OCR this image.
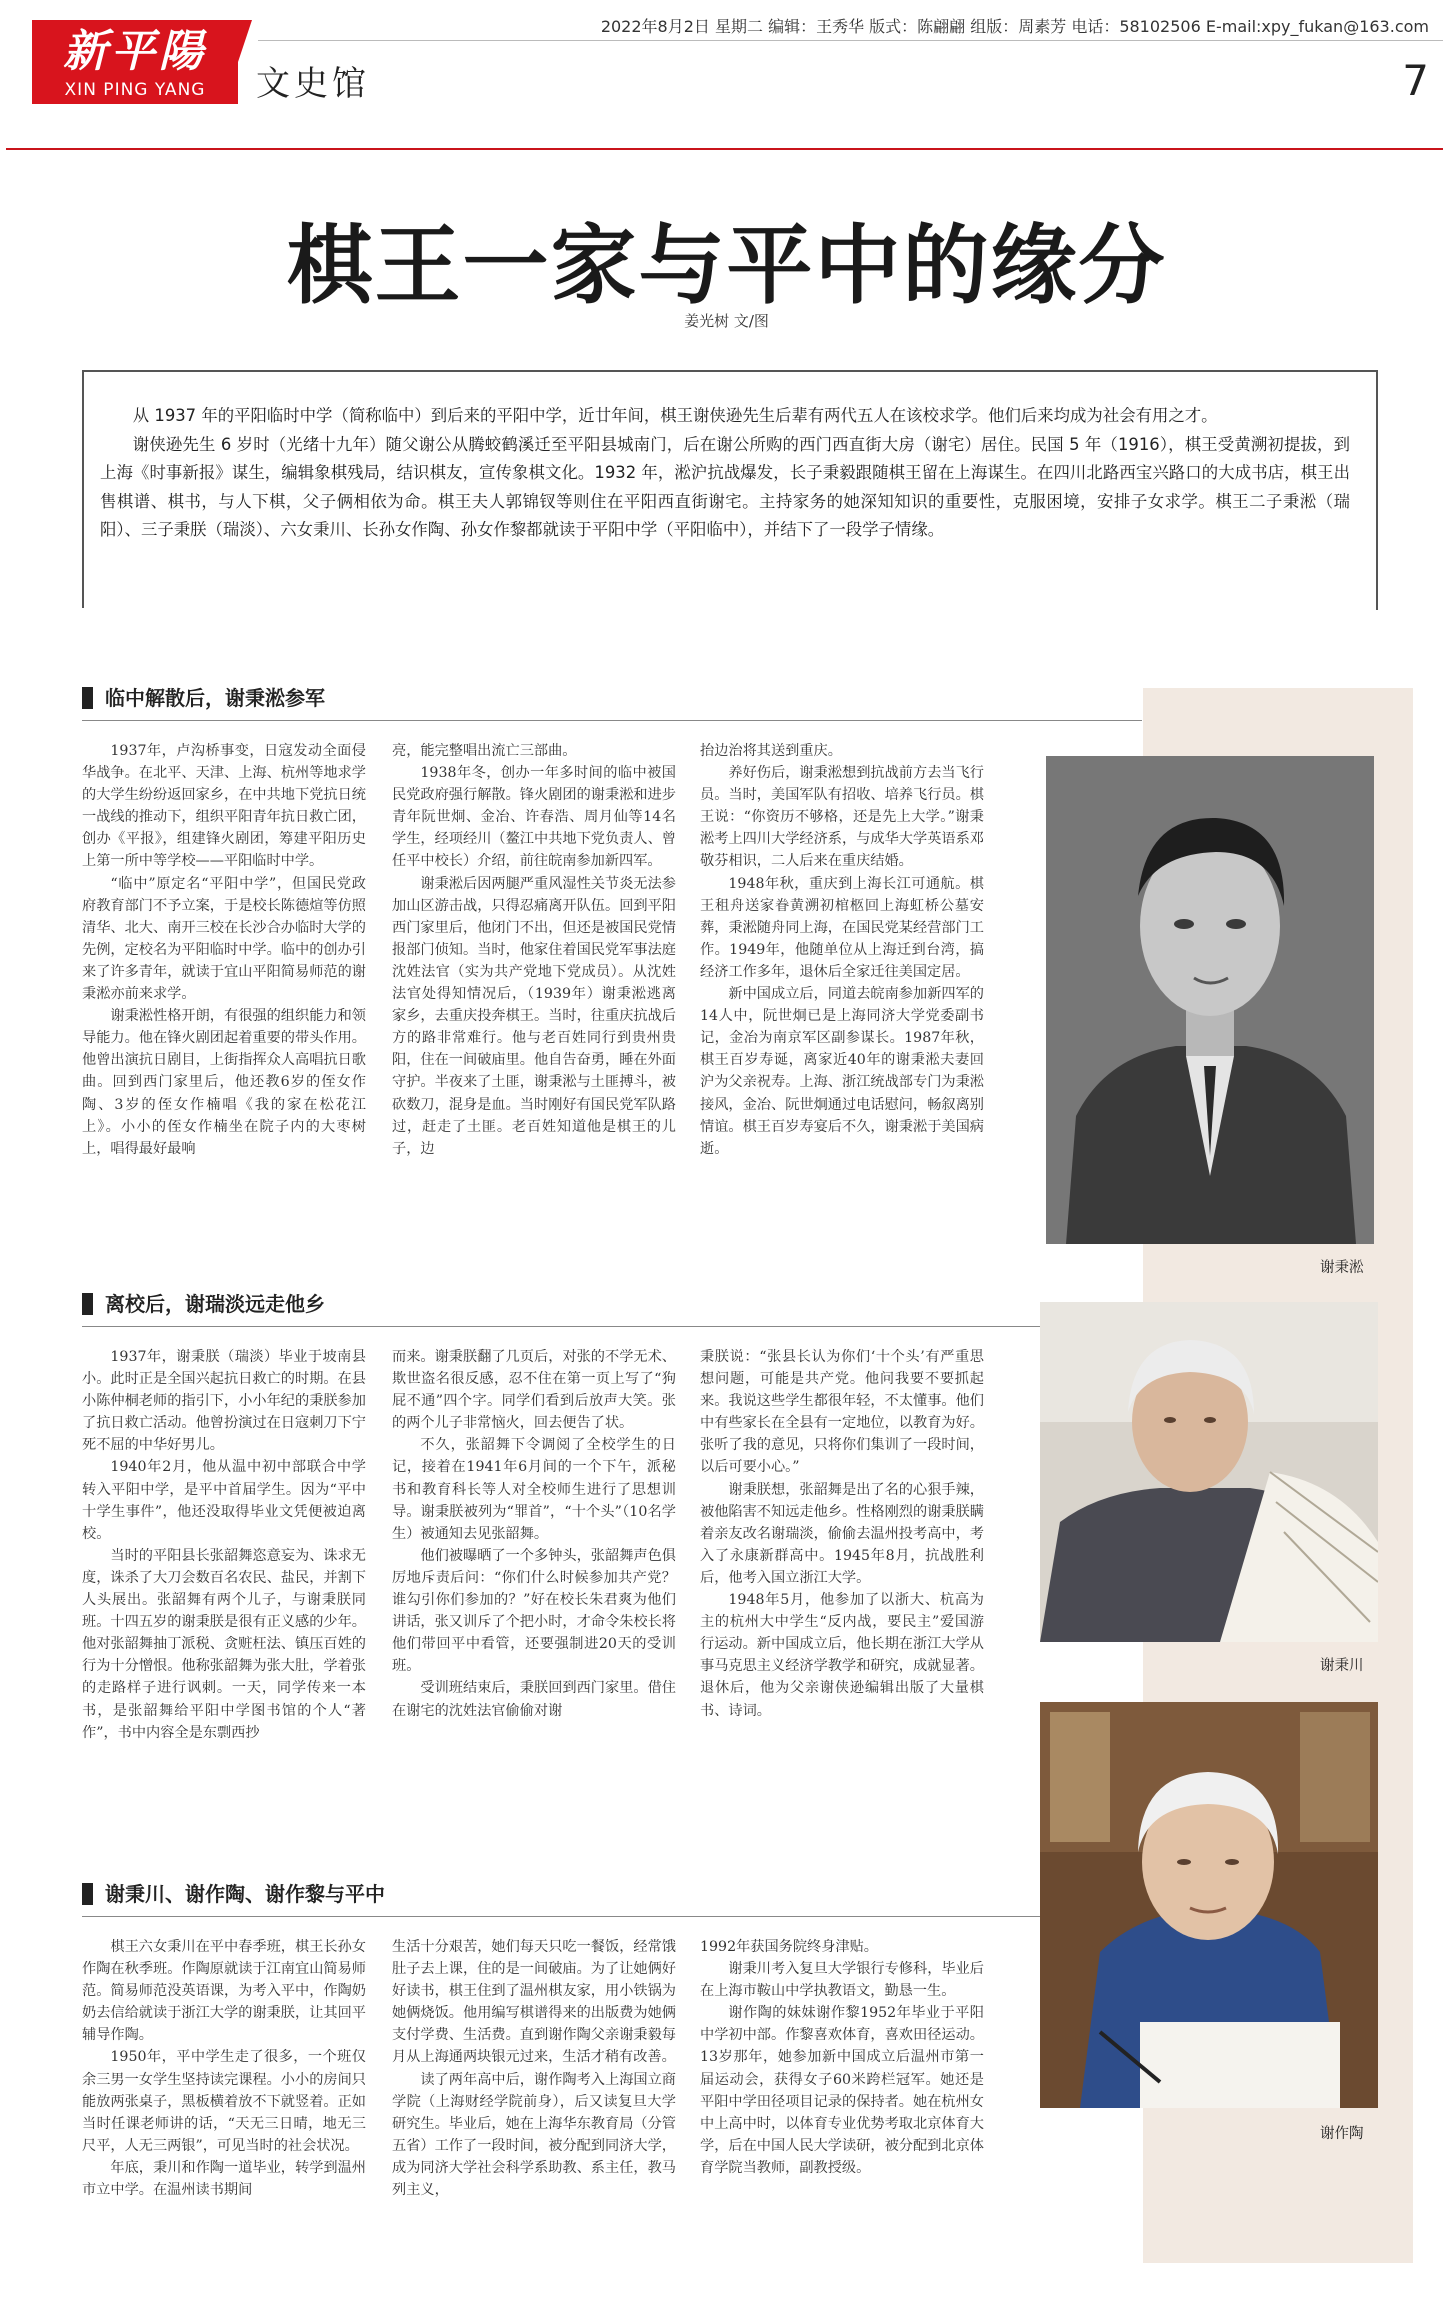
新平陽
XIN PING YANG
2022年8月2日 星期二 编辑：王秀华 版式：陈翩翩 组版：周素芳 电话：58102506 E-mail:xpy_fukan@163.com
文史馆	7
棋王一家与平中的缘分
姜光树 文/图

从 1937 年的平阳临时中学（简称临中）到后来的平阳中学，近廿年间，棋王谢侠逊先生后辈有两代五人在该校求学。他们后来均成为社会有用之才。

谢侠逊先生 6 岁时（光绪十九年）随父谢公从腾蛟鹤溪迁至平阳县城南门，后在谢公所购的西门西直街大房（谢宅）居住。民国 5 年（1916），棋王受黄溯初提拔，到上海《时事新报》谋生，编辑象棋残局，结识棋友，宣传象棋文化。1932 年，淞沪抗战爆发，长子秉毅跟随棋王留在上海谋生。在四川北路西宝兴路口的大成书店，棋王出售棋谱、棋书，与人下棋，父子俩相依为命。棋王夫人郭锦钗等则住在平阳西直街谢宅。主持家务的她深知知识的重要性，克服困境，安排子女求学。棋王二子秉淞（瑞阳）、三子秉朕（瑞淡）、六女秉川、长孙女作陶、孙女作黎都就读于平阳中学（平阳临中），并结下了一段学子情缘。

临中解散后，谢秉淞参军

1937年，卢沟桥事变，日寇发动全面侵华战争。在北平、天津、上海、杭州等地求学的大学生纷纷返回家乡，在中共地下党抗日统一战线的推动下，组织平阳青年抗日救亡团，创办《平报》，组建锋火剧团，筹建平阳历史上第一所中等学校——平阳临时中学。

“临中”原定名“平阳中学”，但国民党政府教育部门不予立案，于是校长陈德煊等仿照清华、北大、南开三校在长沙合办临时大学的先例，定校名为平阳临时中学。临中的创办引来了许多青年，就读于宜山平阳简易师范的谢秉淞亦前来求学。

谢秉淞性格开朗，有很强的组织能力和领导能力。他在锋火剧团起着重要的带头作用。他曾出演抗日剧目，上街指挥众人高唱抗日歌曲。回到西门家里后，他还教6岁的侄女作陶、3岁的侄女作楠唱《我的家在松花江上》。小小的侄女作楠坐在院子内的大枣树上，唱得最好最响

亮，能完整唱出流亡三部曲。

1938年冬，创办一年多时间的临中被国民党政府强行解散。锋火剧团的谢秉淞和进步青年阮世炯、金冶、许春浩、周月仙等14名学生，经项经川（鳌江中共地下党负责人、曾任平中校长）介绍，前往皖南参加新四军。

谢秉淞后因两腿严重风湿性关节炎无法参加山区游击战，只得忍痛离开队伍。回到平阳西门家里后，他闭门不出，但还是被国民党情报部门侦知。当时，他家住着国民党军事法庭沈姓法官（实为共产党地下党成员）。从沈姓法官处得知情况后，（1939年）谢秉淞逃离家乡，去重庆投奔棋王。当时，往重庆抗战后方的路非常难行。他与老百姓同行到贵州贵阳，住在一间破庙里。他自告奋勇，睡在外面守护。半夜来了土匪，谢秉淞与土匪搏斗，被砍数刀，混身是血。当时刚好有国民党军队路过，赶走了土匪。老百姓知道他是棋王的儿子，边

抬边治将其送到重庆。

养好伤后，谢秉淞想到抗战前方去当飞行员。当时，美国军队有招收、培养飞行员。棋王说：“你资历不够格，还是先上大学。”谢秉淞考上四川大学经济系，与成华大学英语系邓敬芬相识，二人后来在重庆结婚。

1948年秋，重庆到上海长江可通航。棋王租舟送家眷黄溯初棺柩回上海虹桥公墓安葬，秉淞随舟同上海，在国民党某经营部门工作。1949年，他随单位从上海迁到台湾，搞经济工作多年，退休后全家迁往美国定居。

新中国成立后，同道去皖南参加新四军的14人中，阮世炯已是上海同济大学党委副书记，金冶为南京军区副参谋长。1987年秋，棋王百岁寿诞，离家近40年的谢秉淞夫妻回沪为父亲祝寿。上海、浙江统战部专门为秉淞接风，金冶、阮世炯通过电话慰问，畅叙离别情谊。棋王百岁寿宴后不久，谢秉淞于美国病逝。

谢秉淞
离校后，谢瑞淡远走他乡

1937年，谢秉朕（瑞淡）毕业于坡南县小。此时正是全国兴起抗日救亡的时期。在县小陈仲桐老师的指引下，小小年纪的秉朕参加了抗日救亡活动。他曾扮演过在日寇刺刀下宁死不屈的中华好男儿。

1940年2月，他从温中初中部联合中学转入平阳中学，是平中首届学生。因为“平中十学生事件”，他还没取得毕业文凭便被迫离校。

当时的平阳县长张韶舞恣意妄为、诛求无度，诛杀了大刀会数百名农民、盐民，并割下人头展出。张韶舞有两个儿子，与谢秉朕同班。十四五岁的谢秉朕是很有正义感的少年。他对张韶舞抽丁派税、贪赃枉法、镇压百姓的行为十分憎恨。他称张韶舞为张大肚，学着张的走路样子进行讽刺。一天，同学传来一本书，是张韶舞给平阳中学图书馆的个人“著作”，书中内容全是东剽西抄

而来。谢秉朕翻了几页后，对张的不学无术、欺世盗名很反感，忍不住在第一页上写了“狗屁不通”四个字。同学们看到后放声大笑。张的两个儿子非常恼火，回去便告了状。

不久，张韶舞下令调阅了全校学生的日记，接着在1941年6月间的一个下午，派秘书和教育科长等人对全校师生进行了思想训导。谢秉朕被列为“罪首”，“十个头”（10名学生）被通知去见张韶舞。

他们被曝晒了一个多钟头，张韶舞声色俱厉地斥责后问：“你们什么时候参加共产党？谁勾引你们参加的？”好在校长朱君爽为他们讲话，张又训斥了个把小时，才命令朱校长将他们带回平中看管，还要强制进20天的受训班。

受训班结束后，秉朕回到西门家里。借住在谢宅的沈姓法官偷偷对谢

秉朕说：“张县长认为你们‘十个头’有严重思想问题，可能是共产党。他问我要不要抓起来。我说这些学生都很年轻，不太懂事。他们中有些家长在全县有一定地位，以教育为好。张听了我的意见，只将你们集训了一段时间，以后可要小心。”

谢秉朕想，张韶舞是出了名的心狠手辣，被他陷害不知远走他乡。性格刚烈的谢秉朕瞒着亲友改名谢瑞淡，偷偷去温州投考高中，考入了永康新群高中。1945年8月，抗战胜利后，他考入国立浙江大学。

1948年5月，他参加了以浙大、杭高为主的杭州大中学生“反内战，要民主”爱国游行运动。新中国成立后，他长期在浙江大学从事马克思主义经济学教学和研究，成就显著。退休后，他为父亲谢侠逊编辑出版了大量棋书、诗词。

谢秉川
谢秉川、谢作陶、谢作黎与平中

棋王六女秉川在平中春季班，棋王长孙女作陶在秋季班。作陶原就读于江南宜山简易师范。简易师范没英语课，为考入平中，作陶奶奶去信给就读于浙江大学的谢秉朕，让其回平辅导作陶。

1950年，平中学生走了很多，一个班仅余三男一女学生坚持读完课程。小小的房间只能放两张桌子，黑板横着放不下就竖着。正如当时任课老师讲的话，“天无三日晴，地无三尺平，人无三两银”，可见当时的社会状况。

年底，秉川和作陶一道毕业，转学到温州市立中学。在温州读书期间

生活十分艰苦，她们每天只吃一餐饭，经常饿肚子去上课，住的是一间破庙。为了让她俩好好读书，棋王住到了温州棋友家，用小铁锅为她俩烧饭。他用编写棋谱得来的出版费为她俩支付学费、生活费。直到谢作陶父亲谢秉毅每月从上海通两块银元过来，生活才稍有改善。

读了两年高中后，谢作陶考入上海国立商学院（上海财经学院前身），后又读复旦大学研究生。毕业后，她在上海华东教育局（分管五省）工作了一段时间，被分配到同济大学，成为同济大学社会科学系助教、系主任，教马列主义，

1992年获国务院终身津贴。

谢秉川考入复旦大学银行专修科，毕业后在上海市鞍山中学执教语文，勤恳一生。

谢作陶的妹妹谢作黎1952年毕业于平阳中学初中部。作黎喜欢体育，喜欢田径运动。13岁那年，她参加新中国成立后温州市第一届运动会，获得女子60米跨栏冠军。她还是平阳中学田径项目记录的保持者。她在杭州女中上高中时，以体育专业优势考取北京体育大学，后在中国人民大学读研，被分配到北京体育学院当教师，副教授级。

谢作陶
